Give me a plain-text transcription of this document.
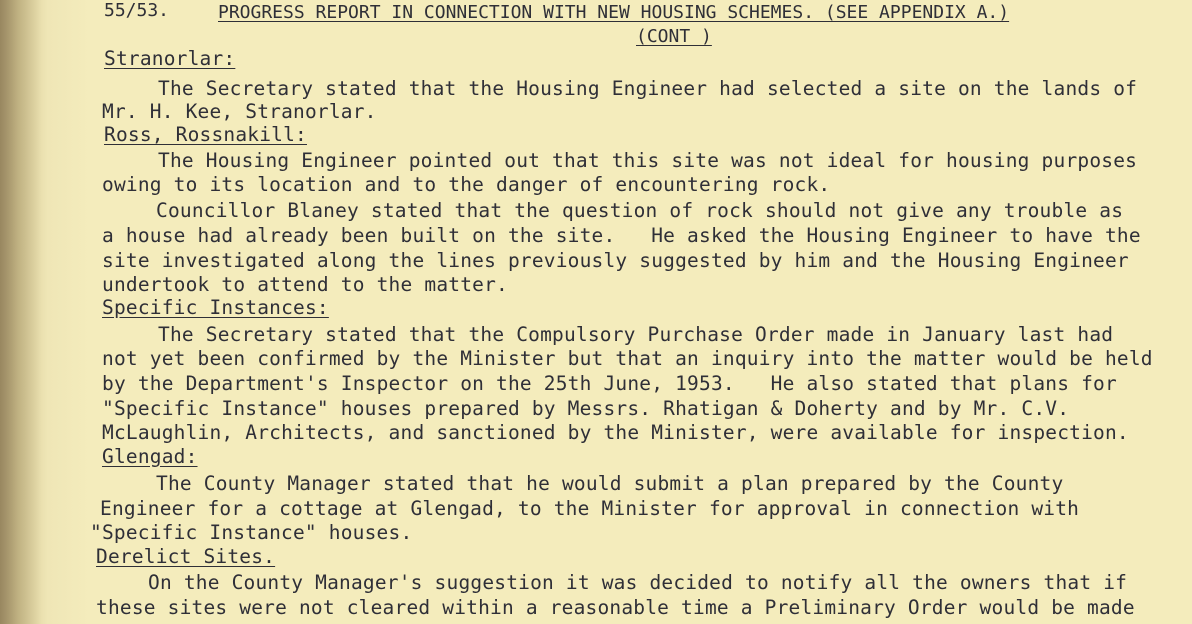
55/53.	PROGRESS REPORT IN CONNECTION WITH NEW HOUSING SCHEMES. (SEE APPENDIX A.)
(CONT )
Stranorlar:
The Secretary stated that the Housing Engineer had selected a site on the lands of
Mr. H. Kee, Stranorlar.
Ross, Rossnakill:
The Housing Engineer pointed out that this site was not ideal for housing purposes
owing to its location and to the danger of encountering rock.
Councillor Blaney stated that the question of rock should not give any trouble as
a house had already been built on the site.   He asked the Housing Engineer to have the
site investigated along the lines previously suggested by him and the Housing Engineer
undertook to attend to the matter.
Specific Instances:
The Secretary stated that the Compulsory Purchase Order made in January last had
not yet been confirmed by the Minister but that an inquiry into the matter would be held
by the Department's Inspector on the 25th June, 1953.   He also stated that plans for
"Specific Instance" houses prepared by Messrs. Rhatigan & Doherty and by Mr. C.V.
McLaughlin, Architects, and sanctioned by the Minister, were available for inspection.
Glengad:
The County Manager stated that he would submit a plan prepared by the County
Engineer for a cottage at Glengad, to the Minister for approval in connection with
"Specific Instance" houses.
Derelict Sites.
On the County Manager's suggestion it was decided to notify all the owners that if
these sites were not cleared within a reasonable time a Preliminary Order would be made
